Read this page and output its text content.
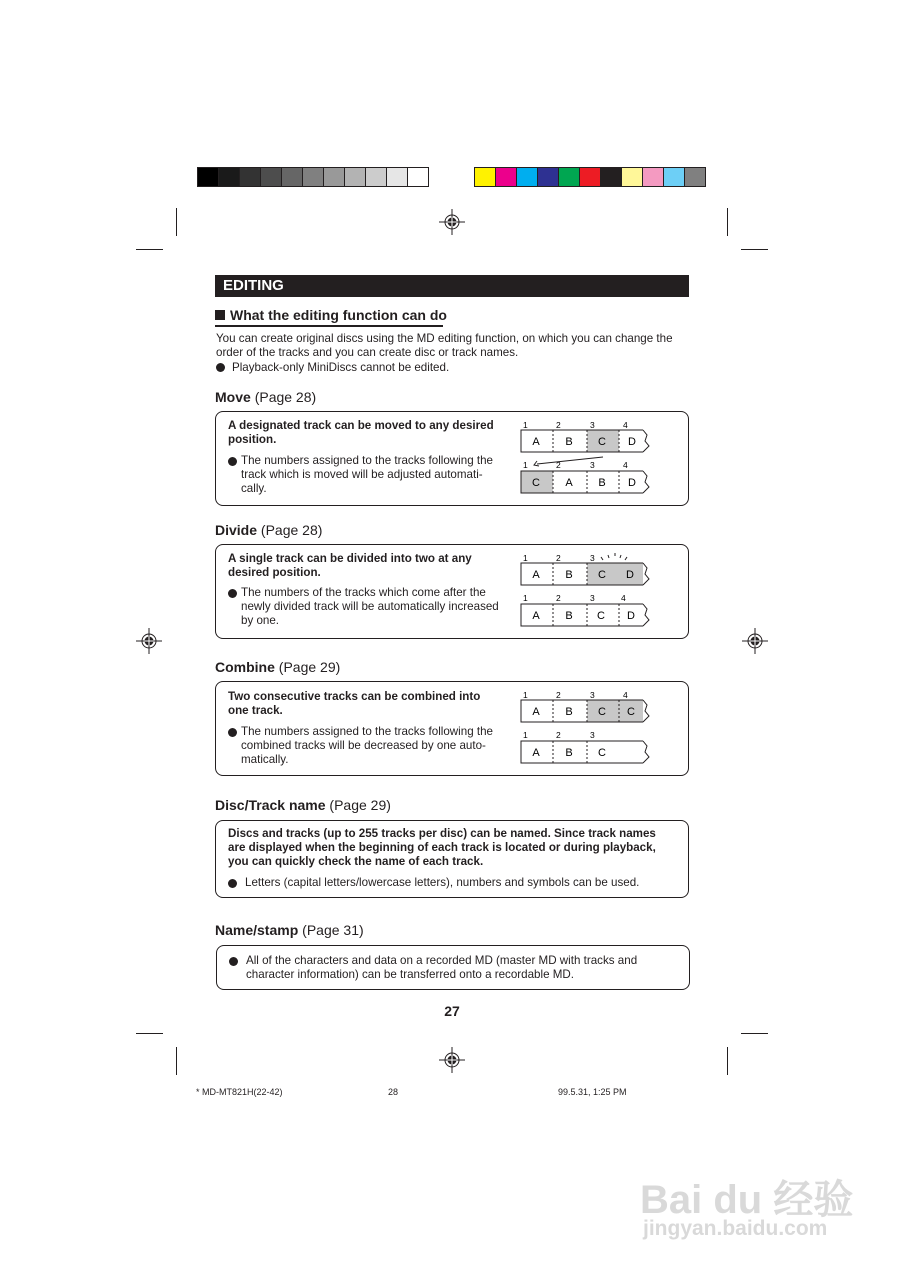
EDITING
What the editing function can do
You can create original discs using the MD editing function, on which you can change the
order of the tracks and you can create disc or track names.
Playback-only MiniDiscs cannot be edited.
Move (Page 28)
A designated track can be moved to any desired
position.
The numbers assigned to the tracks following the
track which is moved will be adjusted automati-
cally.
1	2	3	4
A B C D
1	2	3	4
C A B D
Divide (Page 28)
A single track can be divided into two at any
desired position.
The numbers of the tracks which come after the
newly divided track will be automatically increased
by one.
1	2	3
A B C D
1	2	3	4
A B C D
Combine (Page 29)
Two consecutive tracks can be combined into
one track.
The numbers assigned to the tracks following the
combined tracks will be decreased by one auto-
matically.
1	2	3	4
A B C C
1	2	3
A B C
Disc/Track name (Page 29)
Discs and tracks (up to 255 tracks per disc) can be named. Since track names
are displayed when the beginning of each track is located or during playback,
you can quickly check the name of each track.
Letters (capital letters/lowercase letters), numbers and symbols can be used.
Name/stamp (Page 31)
All of the characters and data on a recorded MD (master MD with tracks and
character information) can be transferred onto a recordable MD.
27
* MD-MT821H(22-42)	28	99.5.31, 1:25 PM
Bai du 经验
jingyan.baidu.com
